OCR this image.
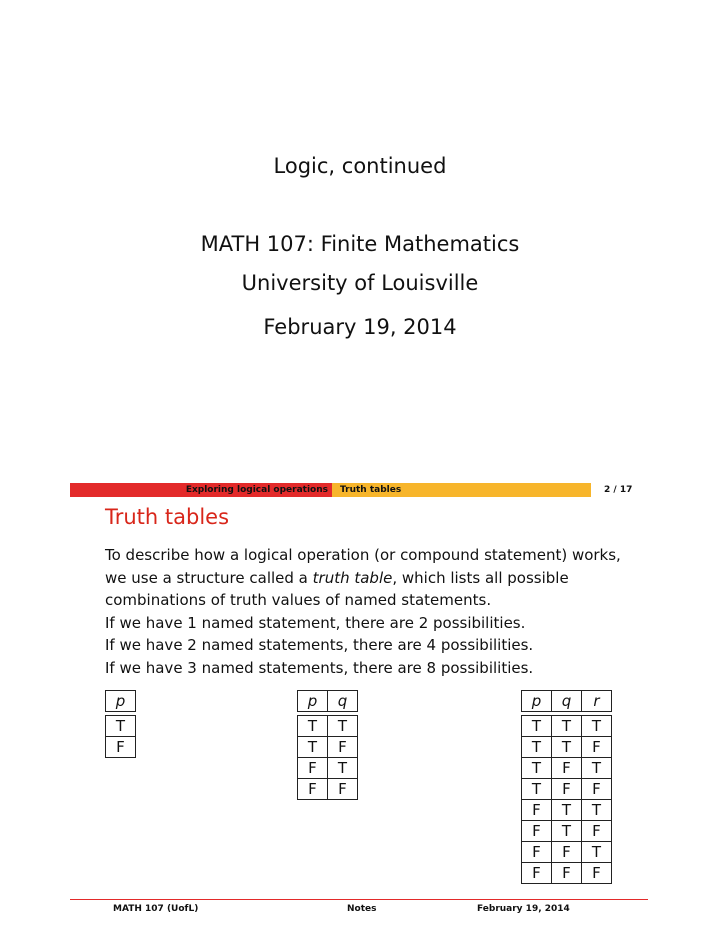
Logic, continued
MATH 107: Finite Mathematics
University of Louisville
February 19, 2014
Exploring logical operations Truth tables	2 / 17
Truth tables

To describe how a logical operation (or compound statement) works,

we use a structure called a truth table, which lists all possible

combinations of truth values of named statements.

If we have 1 named statement, there are 2 possibilities.

If we have 2 named statements, there are 4 possibilities.

If we have 3 named statements, there are 8 possibilities.

p

T
F
p	q

T	T
T	F
F	T
F	F
p	q	r

T	T	T
T	T	F
T	F	T
T	F	F
F	T	T
F	T	F
F	F	T
F	F	F
MATH 107 (UofL)	Notes	February 19, 2014
